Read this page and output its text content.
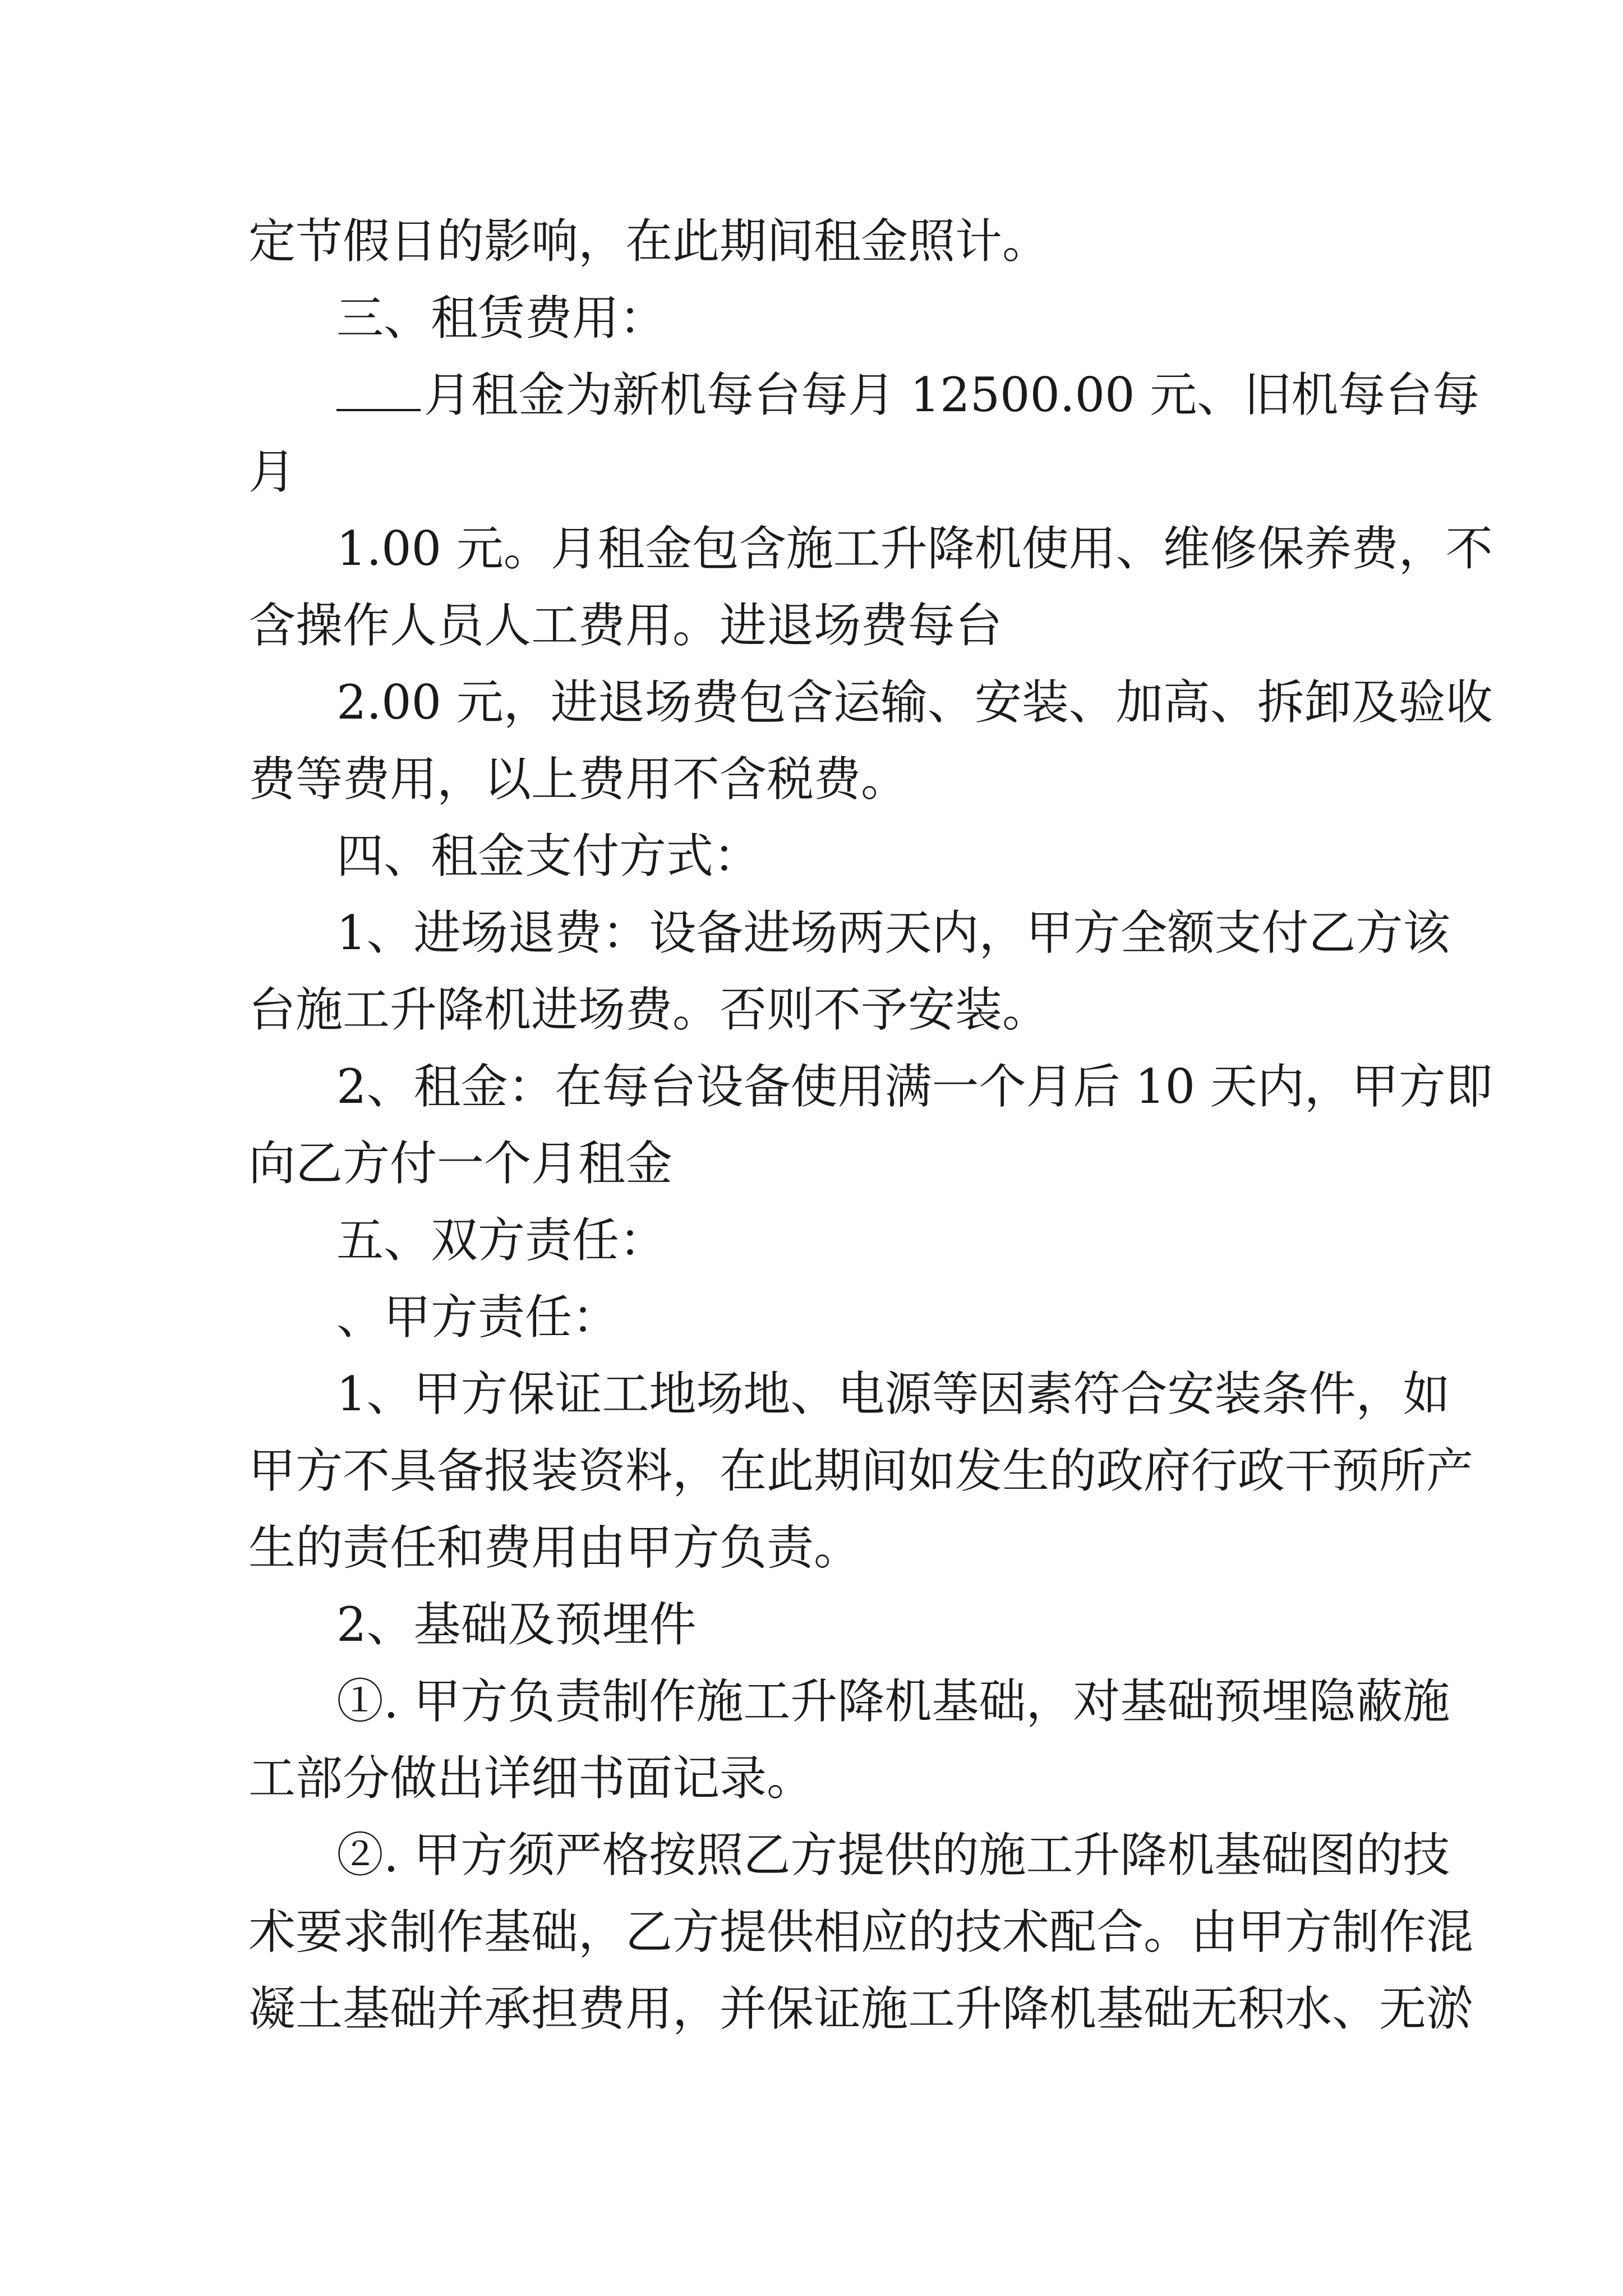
定节假日的影响，在此期间租金照计。

三、租赁费用：

月租金为新机每台每月 12500.00 元、旧机每台每

月

1.00 元。月租金包含施工升降机使用、维修保养费，不

含操作人员人工费用。进退场费每台

2.00 元，进退场费包含运输、安装、加高、拆卸及验收

费等费用，以上费用不含税费。

四、租金支付方式：

1、进场退费：设备进场两天内，甲方全额支付乙方该

台施工升降机进场费。否则不予安装。

2、租金：在每台设备使用满一个月后 10 天内，甲方即

向乙方付一个月租金

五、双方责任：

、甲方责任：

1、甲方保证工地场地、电源等因素符合安装条件，如

甲方不具备报装资料，在此期间如发生的政府行政干预所产

生的责任和费用由甲方负责。

2、基础及预埋件

①. 甲方负责制作施工升降机基础，对基础预埋隐蔽施

工部分做出详细书面记录。

②. 甲方须严格按照乙方提供的施工升降机基础图的技

术要求制作基础，乙方提供相应的技术配合。由甲方制作混

凝土基础并承担费用，并保证施工升降机基础无积水、无淤
